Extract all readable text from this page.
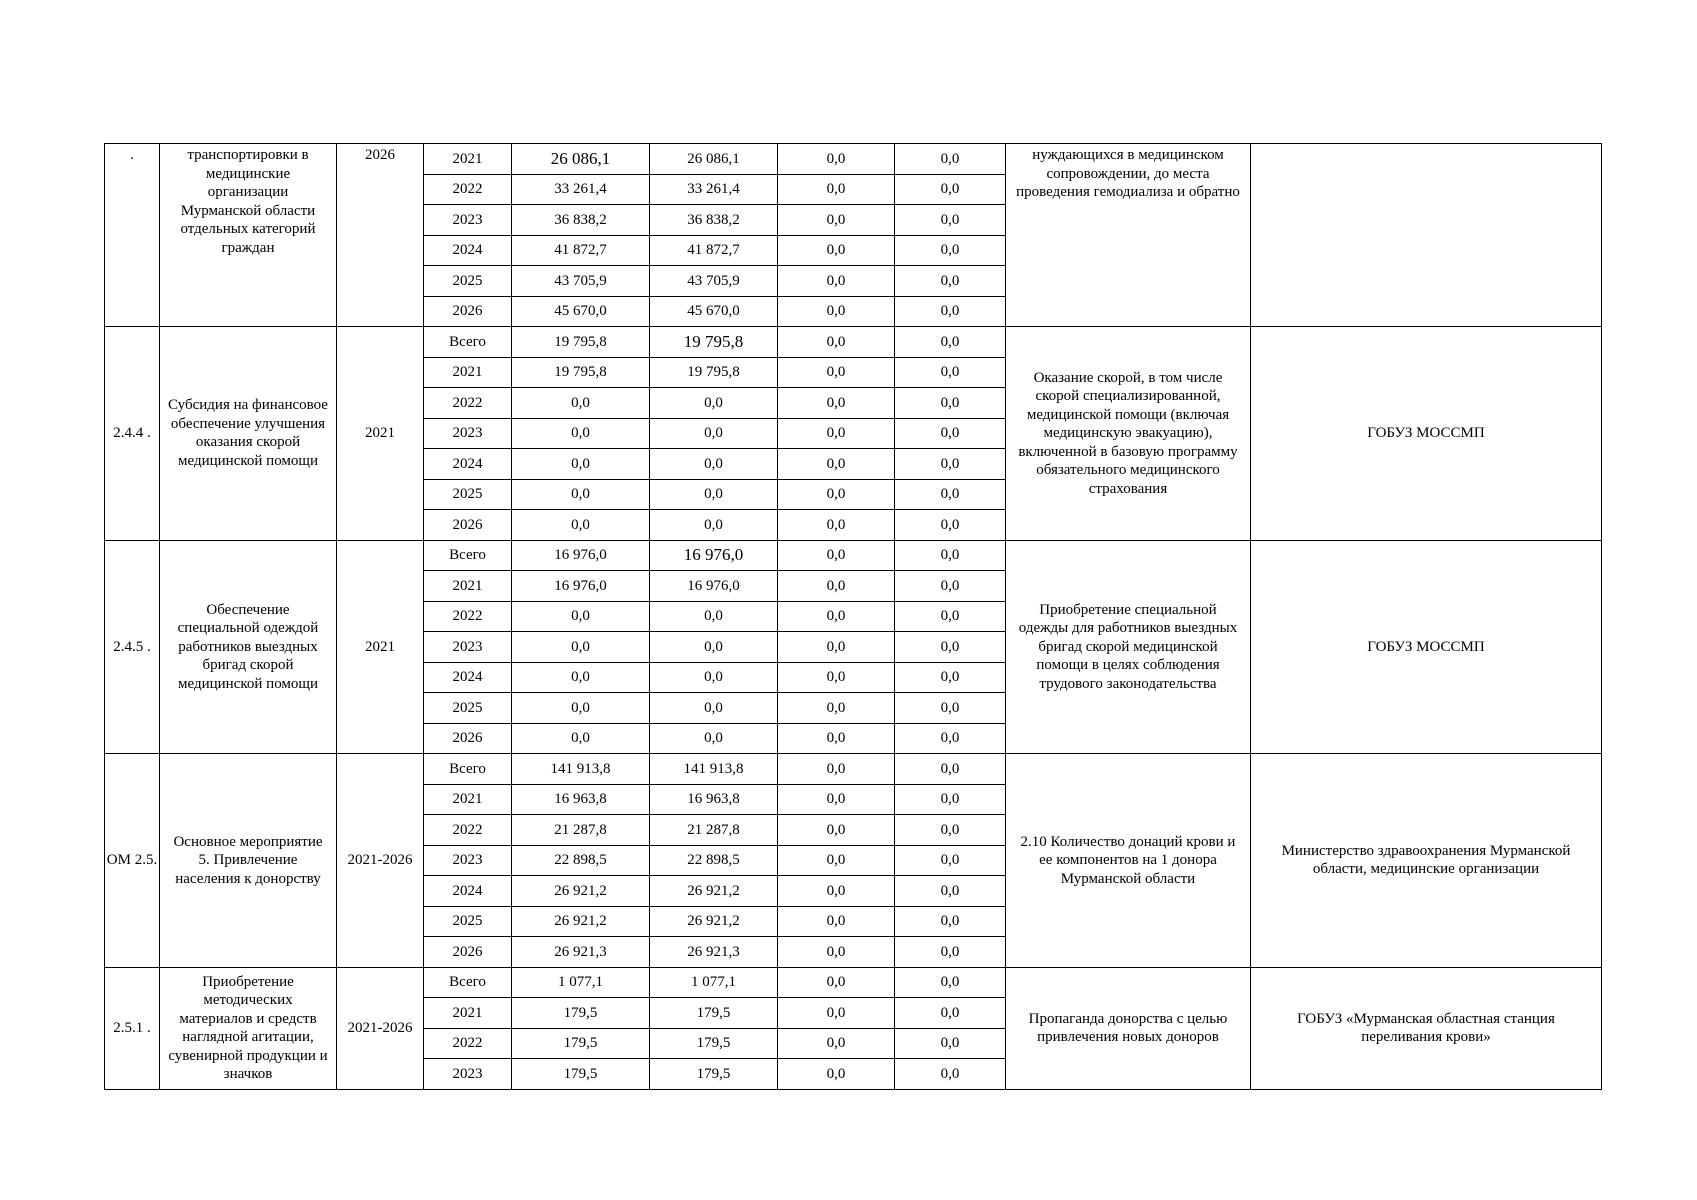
.	транспортировки в медицинские организации Мурманской области отдельных категорий граждан	2026	2021	26 086,1	26 086,1	0,0	0,0	нуждающихся в медицинском сопровождении, до места проведения гемодиализа и обратно	
			2022	33 261,4	33 261,4	0,0	0,0		
			2023	36 838,2	36 838,2	0,0	0,0		
			2024	41 872,7	41 872,7	0,0	0,0		
			2025	43 705,9	43 705,9	0,0	0,0		
			2026	45 670,0	45 670,0	0,0	0,0		
2.4.4 .	Субсидия на финансовое обеспечение улучшения оказания скорой медицинской помощи	2021	Всего	19 795,8	19 795,8	0,0	0,0	Оказание скорой, в том числе скорой специализированной, медицинской помощи (включая медицинскую эвакуацию), включенной в базовую программу обязательного медицинского страхования	ГОБУЗ МОССМП
			2021	19 795,8	19 795,8	0,0	0,0		
			2022	0,0	0,0	0,0	0,0		
			2023	0,0	0,0	0,0	0,0		
			2024	0,0	0,0	0,0	0,0		
			2025	0,0	0,0	0,0	0,0		
			2026	0,0	0,0	0,0	0,0		
2.4.5 .	Обеспечение специальной одеждой работников выездных бригад скорой медицинской помощи	2021	Всего	16 976,0	16 976,0	0,0	0,0	Приобретение специальной одежды для работников выездных бригад скорой медицинской помощи в целях соблюдения трудового законодательства	ГОБУЗ МОССМП
			2021	16 976,0	16 976,0	0,0	0,0		
			2022	0,0	0,0	0,0	0,0		
			2023	0,0	0,0	0,0	0,0		
			2024	0,0	0,0	0,0	0,0		
			2025	0,0	0,0	0,0	0,0		
			2026	0,0	0,0	0,0	0,0		
ОМ 2.5.	Основное мероприятие 5. Привлечение населения к донорству	2021-2026	Всего	141 913,8	141 913,8	0,0	0,0	2.10 Количество донаций крови и ее компонентов на 1 донора Мурманской области	Министерство здравоохранения Мурманской области, медицинские организации
			2021	16 963,8	16 963,8	0,0	0,0		
			2022	21 287,8	21 287,8	0,0	0,0		
			2023	22 898,5	22 898,5	0,0	0,0		
			2024	26 921,2	26 921,2	0,0	0,0		
			2025	26 921,2	26 921,2	0,0	0,0		
			2026	26 921,3	26 921,3	0,0	0,0		
2.5.1 .	Приобретение методических материалов и средств наглядной агитации, сувенирной продукции и значков	2021-2026	Всего	1 077,1	1 077,1	0,0	0,0	Пропаганда донорства с целью привлечения новых доноров	ГОБУЗ «Мурманская областная станция переливания крови»
			2021	179,5	179,5	0,0	0,0		
			2022	179,5	179,5	0,0	0,0		
			2023	179,5	179,5	0,0	0,0		
